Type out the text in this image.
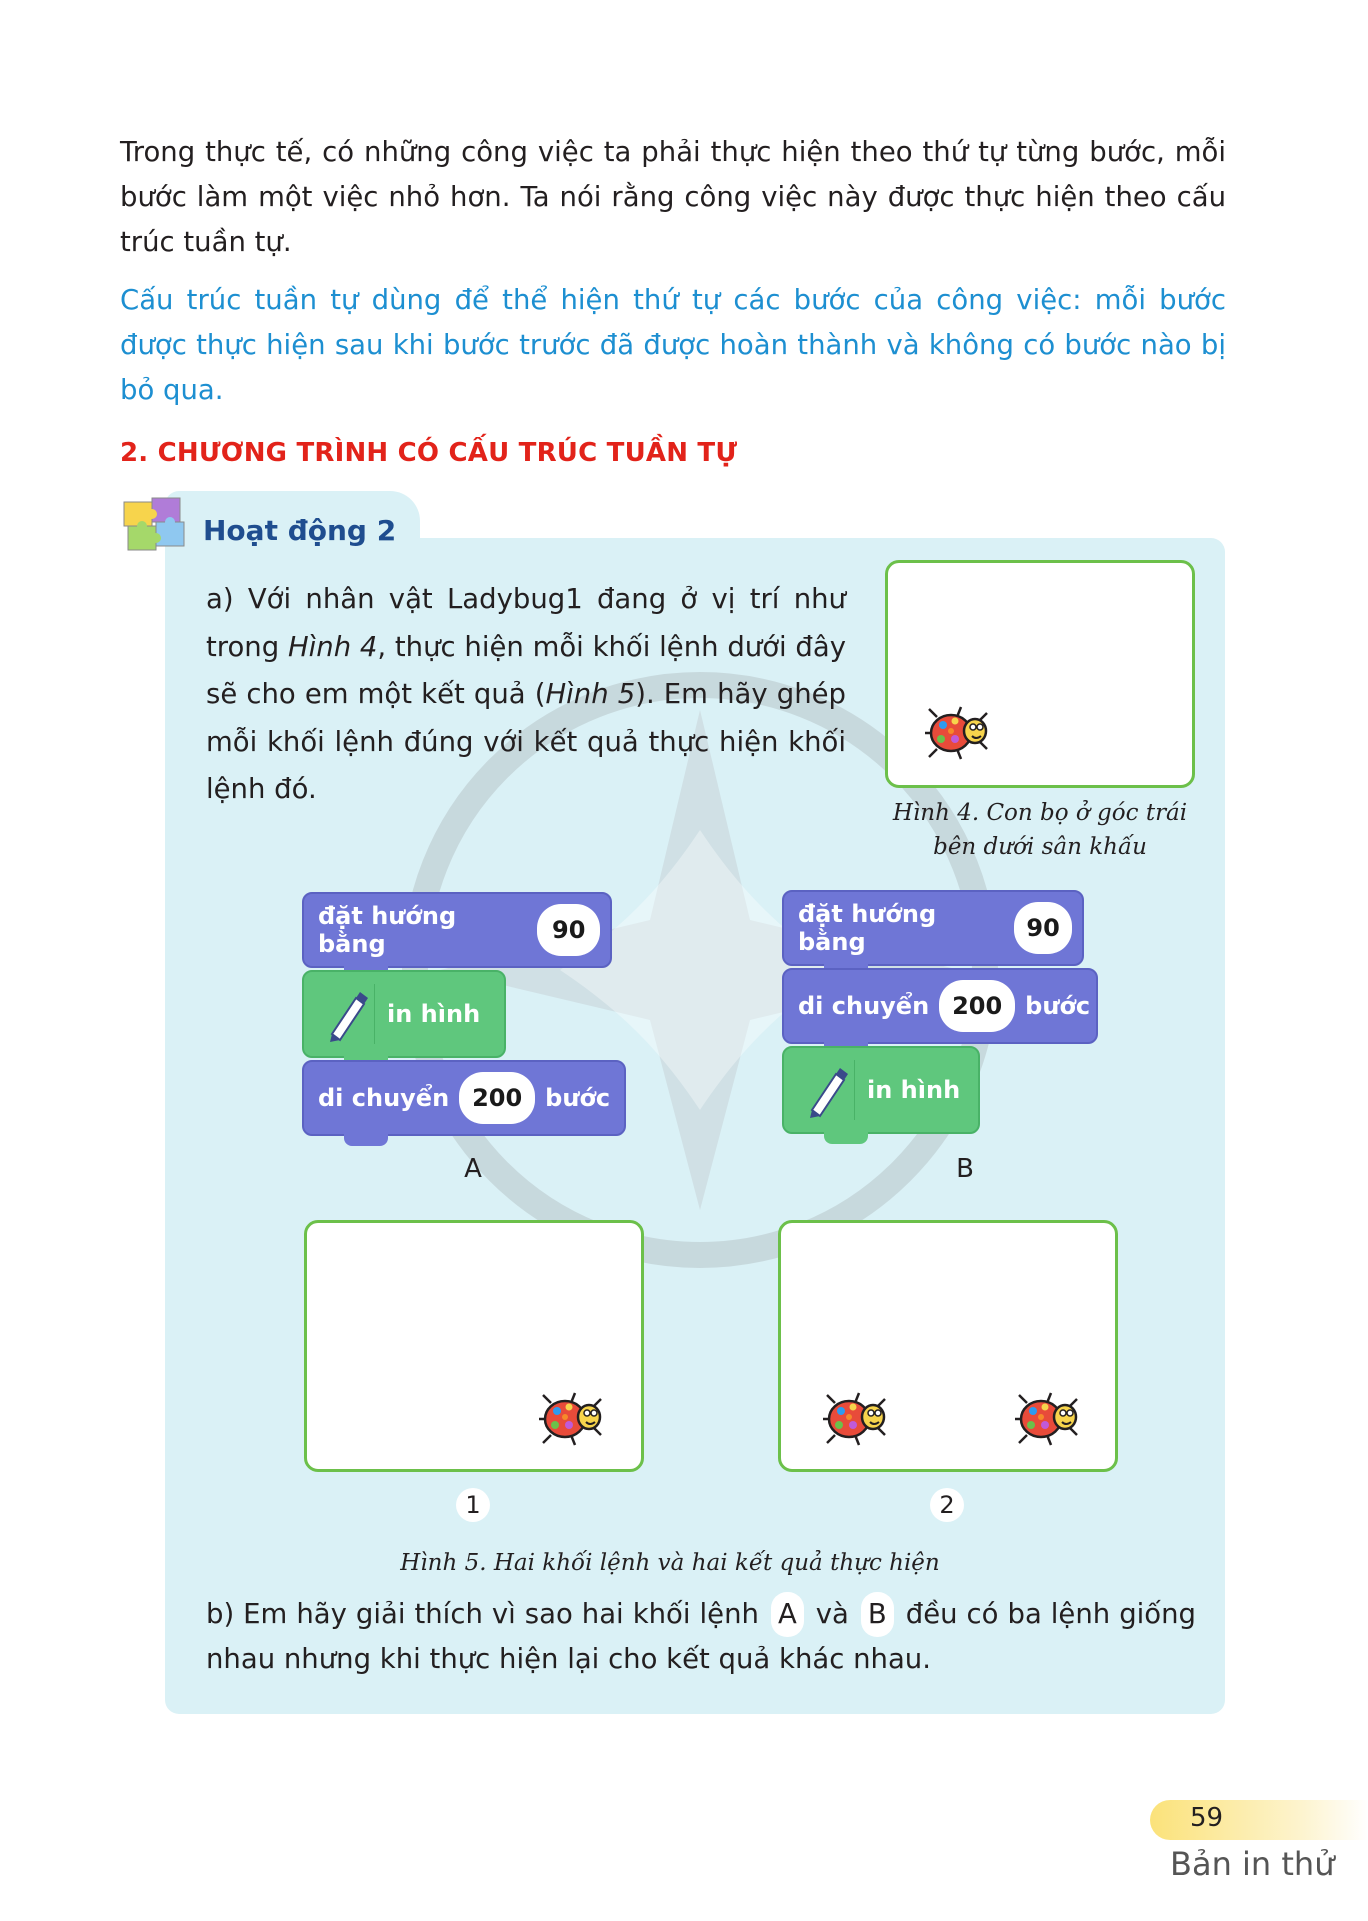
Trong thực tế, có những công việc ta phải thực hiện theo thứ tự từng bước, mỗi bước làm một việc nhỏ hơn. Ta nói rằng công việc này được thực hiện theo cấu trúc tuần tự.

Cấu trúc tuần tự dùng để thể hiện thứ tự các bước của công việc: mỗi bước được thực hiện sau khi bước trước đã được hoàn thành và không có bước nào bị bỏ qua.

2. CHƯƠNG TRÌNH CÓ CẤU TRÚC TUẦN TỰ
Hoạt động 2

a) Với nhân vật Ladybug1 đang ở vị trí như trong Hình 4, thực hiện mỗi khối lệnh dưới đây sẽ cho em một kết quả (Hình 5). Em hãy ghép mỗi khối lệnh đúng với kết quả thực hiện khối lệnh đó.

Hình 4. Con bọ ở góc trái
bên dưới sân khấu
đặt hướng bằng	90
in hình
di chuyển 200 bước
A
đặt hướng bằng	90
di chuyển 200 bước
in hình
B
1	2
Hình 5. Hai khối lệnh và hai kết quả thực hiện

b) Em hãy giải thích vì sao hai khối lệnh A và B đều có ba lệnh giống nhau nhưng khi thực hiện lại cho kết quả khác nhau.

59
Bản in thử
